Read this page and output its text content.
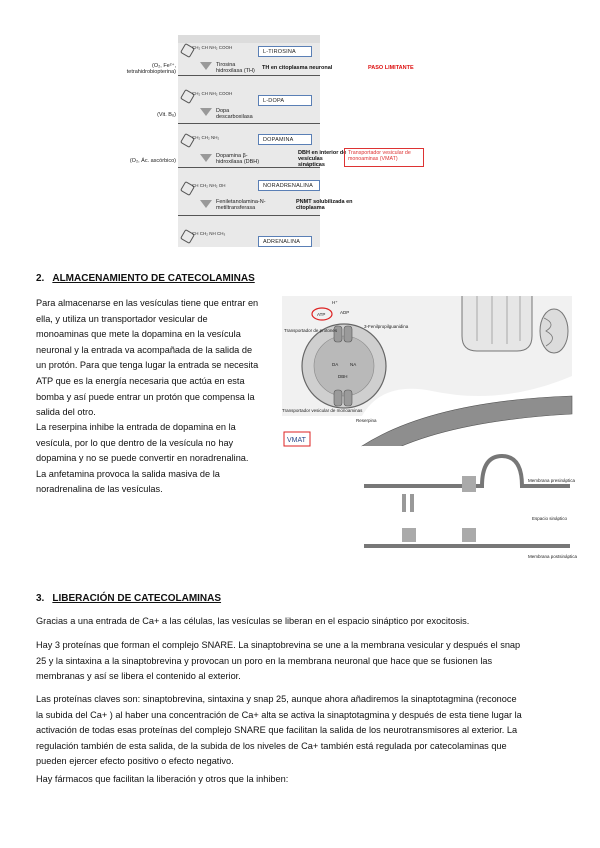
CH₂ CH NH₂ COOH
CH₂ CH NH₂ COOH
CH₂ CH₂ NH₂
CH CH₂ NH₂ OH
CH CH₂ NH CH₃
L-TIROSINA
L-DOPA
DOPAMINA
NORADRENALINA
ADRENALINA
Tirosina hidroxilasa (TH)
Dopa descarboxilasa
Dopamina β-hidroxilasa (DBH)
Feniletanolamina-N-metiltransferasa
(O₂, Fe²⁺, tetrahidrobiopterina)
(Vit. B₆)
(O₂, Ác. ascórbico)
TH en citoplasma neuronal	PASO LIMITANTE
DBH en interior de vesículas sinápticas
Transportador vesicular de monoaminas (VMAT)
PNMT solubilizada en citoplasma
2. ALMACENAMIENTO DE CATECOLAMINAS
Para almacenarse en las vesículas tiene que entrar en
ella, y utiliza un transportador vesicular de
monoaminas que mete la dopamina en la vesícula
neuronal y la entrada va acompañada de la salida de
un protón. Para que tenga lugar la entrada se necesita
ATP que es la energía necesaria que actúa en esta
bomba y así puede entrar un protón que compensa la
salida del otro.
La reserpina inhibe la entrada de dopamina en la
vesícula, por lo que dentro de la vesícula no hay
dopamina y no se puede convertir en noradrenalina.
La anfetamina provoca la salida masiva de la
noradrenalina de las vesículas.
ATP	ADP
H⁺
Transportador de protones
3-Fenilpropilguanidina
DA	NA
DBH
Transportador vesicular de monoaminas
Reserpina
VMAT
Membrana presináptica
Espacio sináptico
Membrana postsináptica
3. LIBERACIÓN DE CATECOLAMINAS
Gracias a una entrada de Ca+ a las células, las vesículas se liberan en el espacio sináptico por exocitosis.
Hay 3 proteínas que forman el complejo SNARE. La sinaptobrevina se une a la membrana vesicular y después el snap
25 y la sintaxina a la sinaptobrevina y provocan un poro en la membrana neuronal que hace que se fusionen las
membranas y así se libera el contenido al exterior.
Las proteínas claves son: sinaptobrevina, sintaxina y snap 25, aunque ahora añadiremos la sinaptotagmina (reconoce
la subida del Ca+ ) al haber una concentración de Ca+ alta se activa la sinaptotagmina y después de esta tiene lugar la
activación de todas esas proteínas del complejo SNARE que facilitan la salida de los neurotransmisores al exterior. La
regulación también de esta salida, de la subida de los niveles de Ca+ también está regulada por catecolaminas que
pueden ejercer efecto positivo o efecto negativo.
Hay fármacos que facilitan la liberación y otros que la inhiben:
